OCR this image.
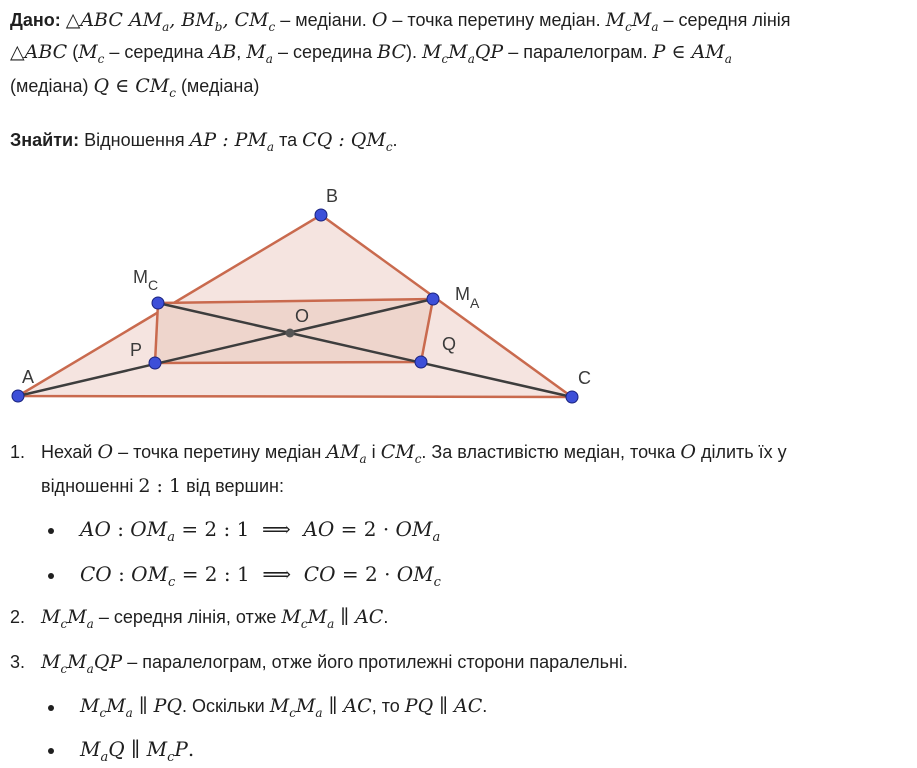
Дано: △ABC $AM_a$, $BM_b$, $CM_c$ – медіани. O – точка перетину медіан. $M_cM_a$ – середня лінія
△ABC ($M_c$ – середина AB, $M_a$ – середина BC). $M_cM_aQP$ – паралелограм. P ∈ $AM_a$
(медіана) Q ∈ $CM_c$ (медіана)
Знайти: Відношення AP : $PM_a$ та CQ : $QM_c$.
A
B
C
O
P	Q
$M_C$	$M_A$
1. Нехай O – точка перетину медіан $AM_a$ і $CM_c$. За властивістю медіан, точка O ділить їх у
відношенні 2 : 1 від вершин:
AO : $OM_a = 2$ : 1  ⟹  AO = $2 \cdot OM_a$
CO : $OM_c = 2$ : 1  ⟹  CO = $2 \cdot OM_c$
2. $M_cM_a$ – середня лінія, отже $M_cM_a$ ∥ AC.
3. $M_cM_aQP$ – паралелограм, отже його протилежні сторони паралельні.
$M_cM_a$ ∥ PQ. Оскільки $M_cM_a$ ∥ AC, то PQ ∥ AC.
$M_aQ$ ∥ $M_cP$.
